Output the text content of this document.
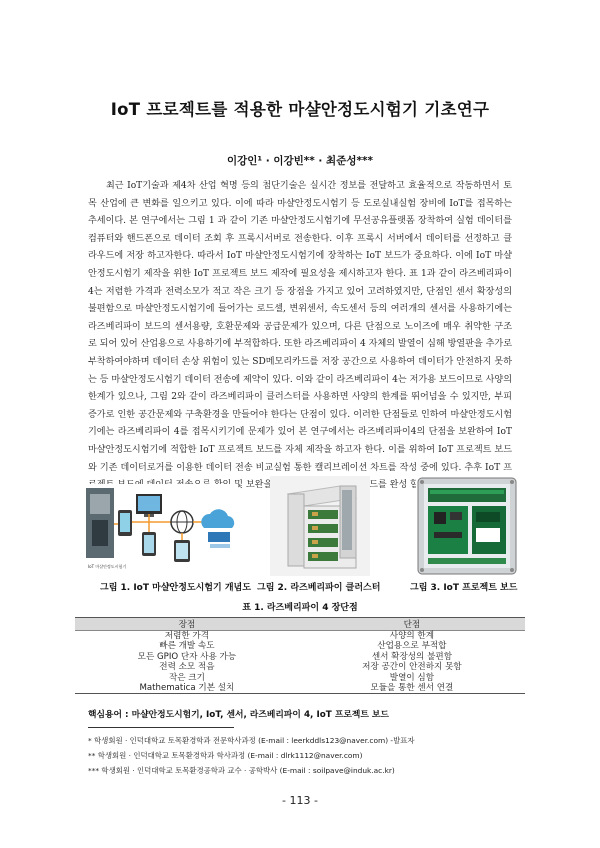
IoT 프로젝트를 적용한 마샬안정도시험기 기초연구
이강인¹ · 이강빈** · 최준성***
최근 IoT기술과 제4차 산업 혁명 등의 첨단기술은 실시간 정보를 전달하고 효율적으로 작동하면서 토목 산업에 큰 변화를 일으키고 있다. 이에 따라 마샬안정도시험기 등 도로실내실험 장비에 IoT를 접목하는 추세이다. 본 연구에서는 그림 1 과 같이 기존 마샬안정도시험기에 무선공유플랫폼 장착하여 실험 데이터를 컴퓨터와 핸드폰으로 데이터 조회 후 프록시서버로 전송한다. 이후 프록시 서버에서 데이터를 선정하고 클라우드에 저장 하고자한다. 따라서 IoT 마샬안정도시험기에 장착하는 IoT 보드가 중요하다. 이에 IoT 마샬안정도시험기 제작을 위한 IoT 프로젝트 보드 제작에 필요성을 제시하고자 한다. 표 1과 같이 라즈베리파이 4는 저렴한 가격과 전력소모가 적고 작은 크기 등 장점을 가지고 있어 고려하였지만, 단점인 센서 확장성의 불편함으로 마샬안정도시험기에 들어가는 로드셀, 변위센서, 속도센서 등의 여러개의 센서를 사용하기에는 라즈베리파이 보드의 센서용량, 호환문제와 공급문제가 있으며, 다른 단점으로 노이즈에 매우 취약한 구조로 되어 있어 산업용으로 사용하기에 부적합하다. 또한 라즈베리파이 4 자체의 발열이 심해 방열판을 추가로 부착하여야하며 데이터 손상 위험이 있는 SD메모리카드를 저장 공간으로 사용하여 데이터가 안전하지 못하는 등 마샬안정도시험기 데이터 전송에 제약이 있다. 이와 같이 라즈베리파이 4는 저가용 보드이므로 사양의 한계가 있으나, 그림 2와 같이 라즈베리파이 클러스터를 사용하면 사양의 한계를 뛰어넘을 수 있지만, 부피 증가로 인한 공간문제와 구축환경을 만들어야 한다는 단점이 있다. 이러한 단점들로 인하여 마샬안정도시험기에는 라즈베리파이 4를 접목시키기에 문제가 있어 본 연구에서는 라즈베리파이4의 단점을 보완하여 IoT 마샬안정도시험기에 적합한 IoT 프로젝트 보드를 자체 제작을 하고자 한다. 이를 위하여 IoT 프로젝트 보드와 기존 데이터로거를 이용한 데이터 전송 비교실험 통한 캘리브레이션 차트를 작성 중에 있다. 추후 IoT 프 및 보완을 보드를 완성 할
IoT 마샬안정도시험기
그림 1. IoT 마샬안정도시험기 개념도 그림 2. 라즈베리파이 클러스터	그림 3. IoT 프로젝트 보드
표 1. 라즈베리파이 4 장단점
장점	단점
저렴한 가격	사양의 한계
빠른 개발 속도	산업용으로 부적합
모든 GPIO 단자 사용 가능	센서 확장성의 불편함
전력 소모 적음	저장 공간이 안전하지 못함
작은 크기	발열이 심함
Mathematica 기본 설치	모듈을 통한 센서 연결
핵심용어 : 마샬안정도시험기, IoT, 센서, 라즈베리파이 4, IoT 프로젝트 보드
* 학생회원 · 인덕대학교 토목환경학과 전문학사과정 (E-mail : leerkddls123@naver.com) -발표자
** 학생회원 · 인덕대학교 토목환경학과 학사과정 (E-mail : dlrk1112@naver.com)
*** 학생회원 · 인덕대학교 토목환경공학과 교수 · 공학박사 (E-mail : soilpave@induk.ac.kr)
- 113 -
